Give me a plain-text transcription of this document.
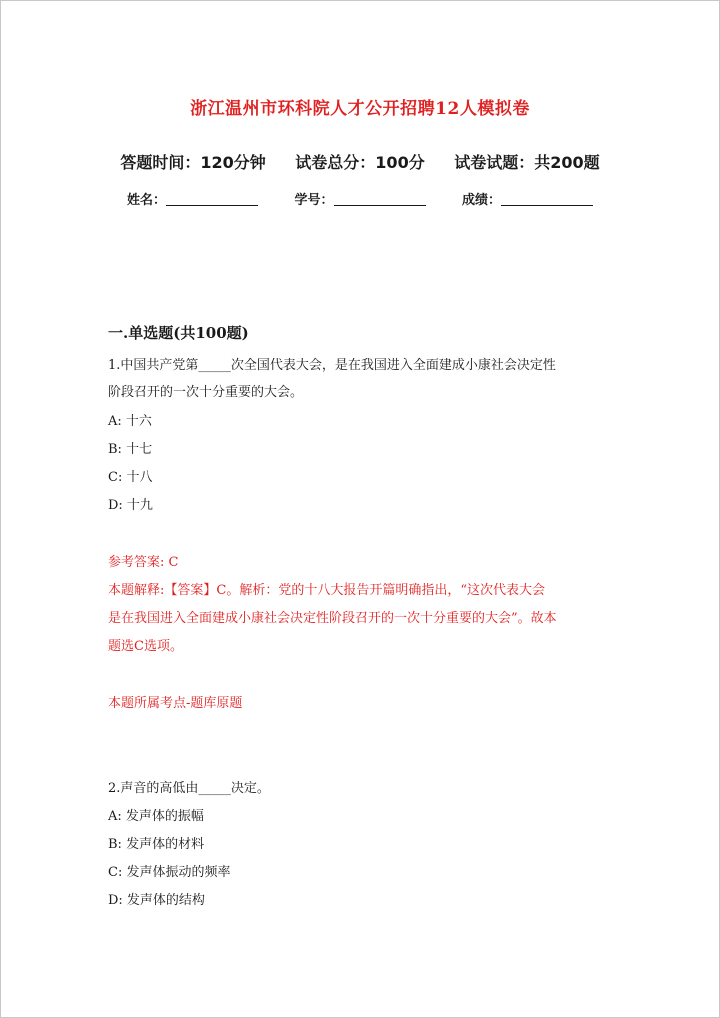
浙江温州市环科院人才公开招聘12人模拟卷
答题时间：120分钟 试卷总分：100分 试卷试题：共200题
姓名：	学号：	成绩：
一.单选题(共100题)
1.中国共产党第_____次全国代表大会，是在我国进入全面建成小康社会决定性
阶段召开的一次十分重要的大会。
A: 十六
B: 十七
C: 十八
D: 十九
参考答案: C
本题解释:【答案】C。解析：党的十八大报告开篇明确指出，“这次代表大会
是在我国进入全面建成小康社会决定性阶段召开的一次十分重要的大会”。故本
题选C选项。
本题所属考点-题库原题
2.声音的高低由_____决定。
A: 发声体的振幅
B: 发声体的材料
C: 发声体振动的频率
D: 发声体的结构
